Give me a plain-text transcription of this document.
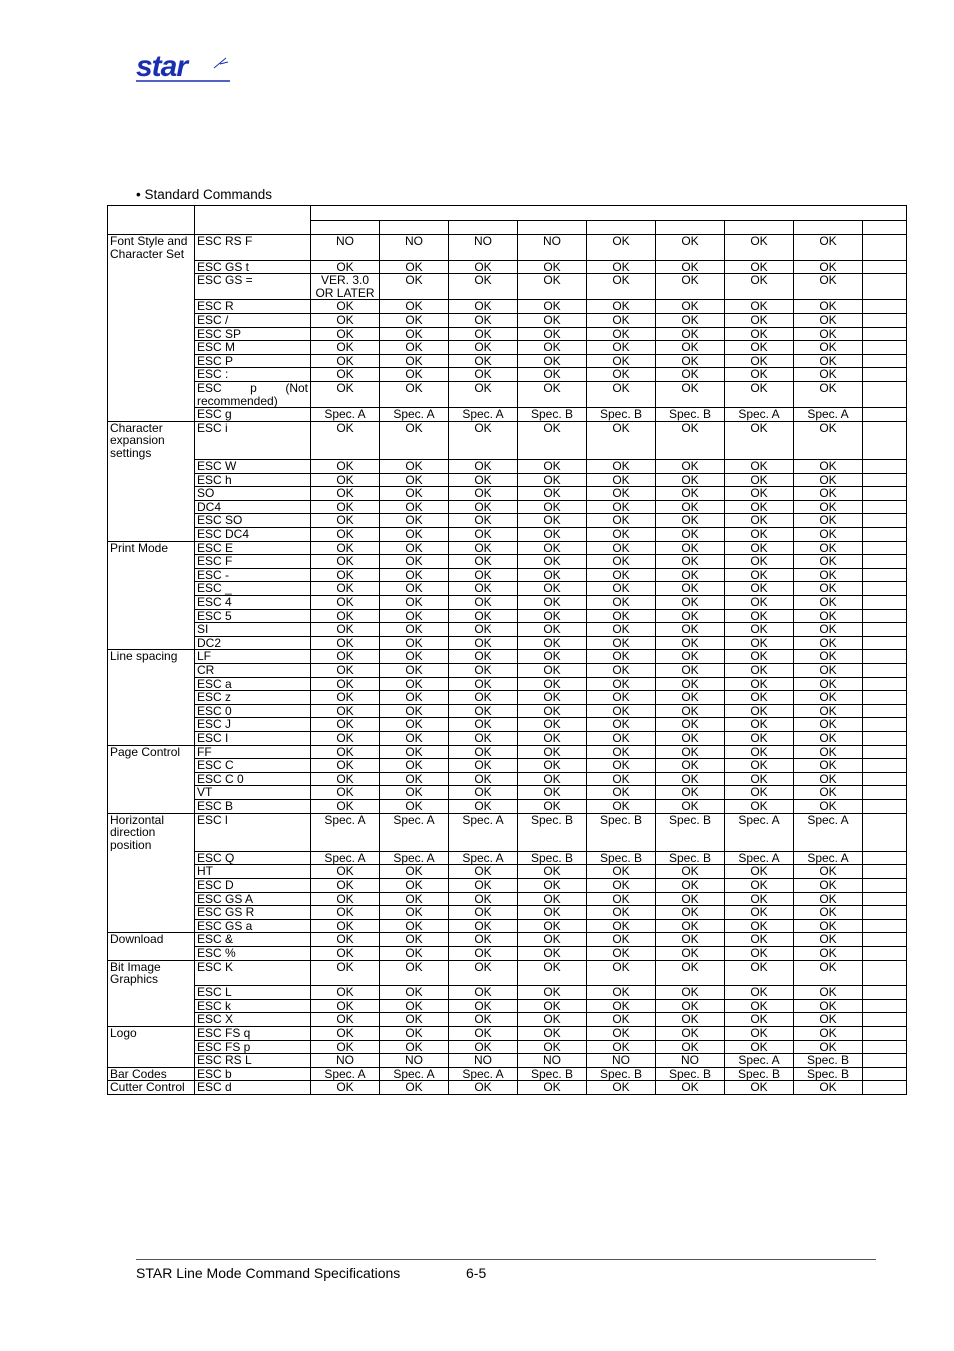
star
• Standard Commands

Font Style and Character Set	ESC RS F	NO	NO	NO	NO	OK	OK	OK	OK	
	ESC GS t	OK	OK	OK	OK	OK	OK	OK	OK	
	ESC GS =	VER. 3.0 OR LATER	OK	OK	OK	OK	OK	OK	OK	
	ESC R	OK	OK	OK	OK	OK	OK	OK	OK	
	ESC /	OK	OK	OK	OK	OK	OK	OK	OK	
	ESC SP	OK	OK	OK	OK	OK	OK	OK	OK	
	ESC M	OK	OK	OK	OK	OK	OK	OK	OK	
	ESC P	OK	OK	OK	OK	OK	OK	OK	OK	
	ESC :	OK	OK	OK	OK	OK	OK	OK	OK	
	ESC p (Not recommended)	OK	OK	OK	OK	OK	OK	OK	OK	
	ESC g	Spec. A	Spec. A	Spec. A	Spec. B	Spec. B	Spec. B	Spec. A	Spec. A	
Character expansion settings	ESC i	OK	OK	OK	OK	OK	OK	OK	OK	
	ESC W	OK	OK	OK	OK	OK	OK	OK	OK	
	ESC h	OK	OK	OK	OK	OK	OK	OK	OK	
	SO	OK	OK	OK	OK	OK	OK	OK	OK	
	DC4	OK	OK	OK	OK	OK	OK	OK	OK	
	ESC SO	OK	OK	OK	OK	OK	OK	OK	OK	
	ESC DC4	OK	OK	OK	OK	OK	OK	OK	OK	
Print Mode	ESC E	OK	OK	OK	OK	OK	OK	OK	OK	
	ESC F	OK	OK	OK	OK	OK	OK	OK	OK	
	ESC -	OK	OK	OK	OK	OK	OK	OK	OK	
	ESC _	OK	OK	OK	OK	OK	OK	OK	OK	
	ESC 4	OK	OK	OK	OK	OK	OK	OK	OK	
	ESC 5	OK	OK	OK	OK	OK	OK	OK	OK	
	SI	OK	OK	OK	OK	OK	OK	OK	OK	
	DC2	OK	OK	OK	OK	OK	OK	OK	OK	
Line spacing	LF	OK	OK	OK	OK	OK	OK	OK	OK	
	CR	OK	OK	OK	OK	OK	OK	OK	OK	
	ESC a	OK	OK	OK	OK	OK	OK	OK	OK	
	ESC z	OK	OK	OK	OK	OK	OK	OK	OK	
	ESC 0	OK	OK	OK	OK	OK	OK	OK	OK	
	ESC J	OK	OK	OK	OK	OK	OK	OK	OK	
	ESC I	OK	OK	OK	OK	OK	OK	OK	OK	
Page Control	FF	OK	OK	OK	OK	OK	OK	OK	OK	
	ESC C	OK	OK	OK	OK	OK	OK	OK	OK	
	ESC C 0	OK	OK	OK	OK	OK	OK	OK	OK	
	VT	OK	OK	OK	OK	OK	OK	OK	OK	
	ESC B	OK	OK	OK	OK	OK	OK	OK	OK	
Horizontal direction position	ESC l	Spec. A	Spec. A	Spec. A	Spec. B	Spec. B	Spec. B	Spec. A	Spec. A	
	ESC Q	Spec. A	Spec. A	Spec. A	Spec. B	Spec. B	Spec. B	Spec. A	Spec. A	
	HT	OK	OK	OK	OK	OK	OK	OK	OK	
	ESC D	OK	OK	OK	OK	OK	OK	OK	OK	
	ESC GS A	OK	OK	OK	OK	OK	OK	OK	OK	
	ESC GS R	OK	OK	OK	OK	OK	OK	OK	OK	
	ESC GS a	OK	OK	OK	OK	OK	OK	OK	OK	
Download	ESC &	OK	OK	OK	OK	OK	OK	OK	OK	
	ESC %	OK	OK	OK	OK	OK	OK	OK	OK	
Bit Image Graphics	ESC K	OK	OK	OK	OK	OK	OK	OK	OK	
	ESC L	OK	OK	OK	OK	OK	OK	OK	OK	
	ESC k	OK	OK	OK	OK	OK	OK	OK	OK	
	ESC X	OK	OK	OK	OK	OK	OK	OK	OK	
Logo	ESC FS q	OK	OK	OK	OK	OK	OK	OK	OK	
	ESC FS p	OK	OK	OK	OK	OK	OK	OK	OK	
	ESC RS L	NO	NO	NO	NO	NO	NO	Spec. A	Spec. B	
Bar Codes	ESC b	Spec. A	Spec. A	Spec. A	Spec. B	Spec. B	Spec. B	Spec. B	Spec. B	
Cutter Control	ESC d	OK	OK	OK	OK	OK	OK	OK	OK	
STAR Line Mode Command Specifications	6-5
